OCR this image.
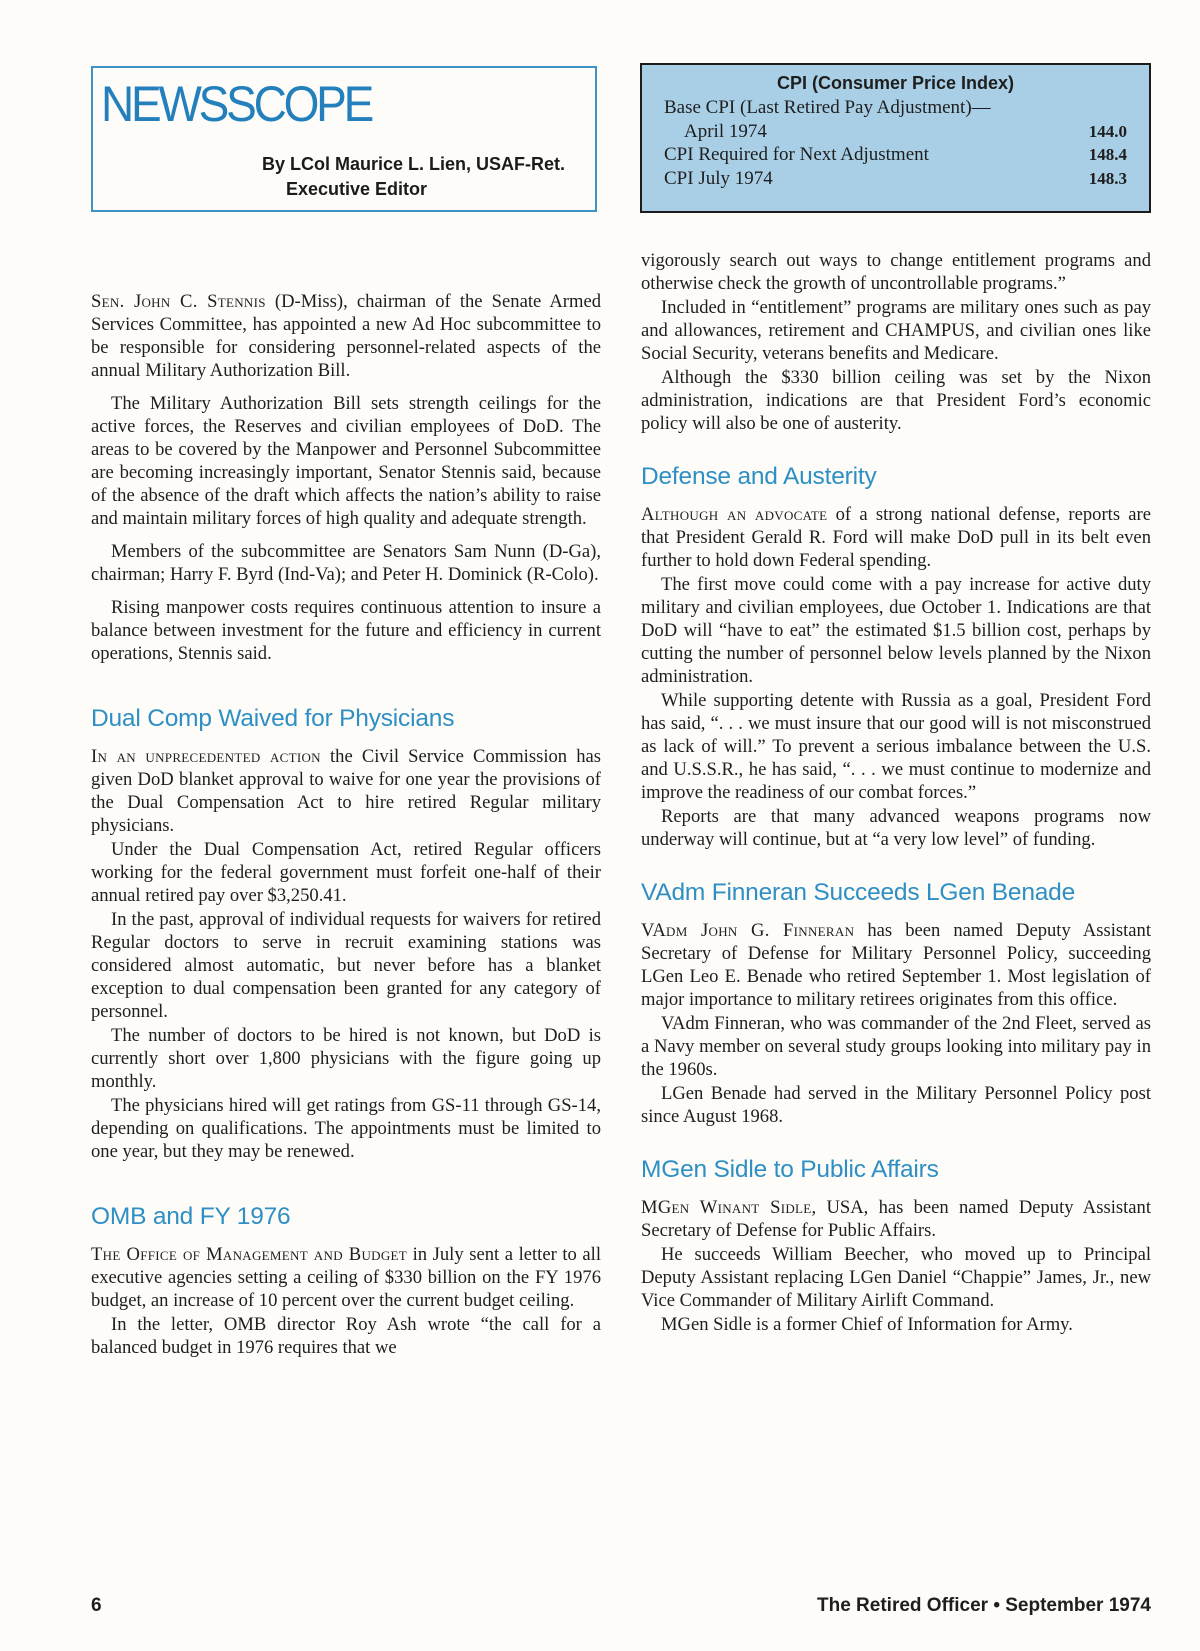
NEWSSCOPE
By LCol Maurice L. Lien, USAF-Ret.
Executive Editor
CPI (Consumer Price Index)
Base CPI (Last Retired Pay Adjustment)—
April 1974	144.0
CPI Required for Next Adjustment	148.4
CPI July 1974	148.3

Sen. John C. Stennis (D-Miss), chairman of the Senate Armed Services Committee, has appointed a new Ad Hoc subcommittee to be responsible for considering personnel-related aspects of the annual Military Authorization Bill.

The Military Authorization Bill sets strength ceilings for the active forces, the Reserves and civilian employees of DoD. The areas to be covered by the Manpower and Personnel Subcommittee are becoming increasingly important, Senator Stennis said, because of the absence of the draft which affects the nation’s ability to raise and maintain military forces of high quality and adequate strength.

Members of the subcommittee are Senators Sam Nunn (D-Ga), chairman; Harry F. Byrd (Ind-Va); and Peter H. Dominick (R-Colo).

Rising manpower costs requires continuous attention to insure a balance between investment for the future and efficiency in current operations, Stennis said.

Dual Comp Waived for Physicians

In an unprecedented action the Civil Service Commission has given DoD blanket approval to waive for one year the provisions of the Dual Compensation Act to hire retired Regular military physicians.

Under the Dual Compensation Act, retired Regular officers working for the federal government must forfeit one-half of their annual retired pay over $3,250.41.

In the past, approval of individual requests for waivers for retired Regular doctors to serve in recruit examining stations was considered almost automatic, but never before has a blanket exception to dual compensation been granted for any category of personnel.

The number of doctors to be hired is not known, but DoD is currently short over 1,800 physicians with the figure going up monthly.

The physicians hired will get ratings from GS-11 through GS-14, depending on qualifications. The appointments must be limited to one year, but they may be renewed.

OMB and FY 1976

The Office of Management and Budget in July sent a letter to all executive agencies setting a ceiling of $330 billion on the FY 1976 budget, an increase of 10 percent over the current budget ceiling.

In the letter, OMB director Roy Ash wrote “the call for a balanced budget in 1976 requires that we

vigorously search out ways to change entitlement programs and otherwise check the growth of uncontrollable programs.”

Included in “entitlement” programs are military ones such as pay and allowances, retirement and CHAMPUS, and civilian ones like Social Security, veterans benefits and Medicare.

Although the $330 billion ceiling was set by the Nixon administration, indications are that President Ford’s economic policy will also be one of austerity.

Defense and Austerity

Although an advocate of a strong national defense, reports are that President Gerald R. Ford will make DoD pull in its belt even further to hold down Federal spending.

The first move could come with a pay increase for active duty military and civilian employees, due October 1. Indications are that DoD will “have to eat” the estimated $1.5 billion cost, perhaps by cutting the number of personnel below levels planned by the Nixon administration.

While supporting detente with Russia as a goal, President Ford has said, “. . . we must insure that our good will is not misconstrued as lack of will.” To prevent a serious imbalance between the U.S. and U.S.S.R., he has said, “. . . we must continue to modernize and improve the readiness of our combat forces.”

Reports are that many advanced weapons programs now underway will continue, but at “a very low level” of funding.

VAdm Finneran Succeeds LGen Benade

VAdm John G. Finneran has been named Deputy Assistant Secretary of Defense for Military Personnel Policy, succeeding LGen Leo E. Benade who retired September 1. Most legislation of major importance to military retirees originates from this office.

VAdm Finneran, who was commander of the 2nd Fleet, served as a Navy member on several study groups looking into military pay in the 1960s.

LGen Benade had served in the Military Personnel Policy post since August 1968.

MGen Sidle to Public Affairs

MGen Winant Sidle, USA, has been named Deputy Assistant Secretary of Defense for Public Affairs.

He succeeds William Beecher, who moved up to Principal Deputy Assistant replacing LGen Daniel “Chappie” James, Jr., new Vice Commander of Military Airlift Command.

MGen Sidle is a former Chief of Information for Army.

6	The Retired Officer • September 1974
